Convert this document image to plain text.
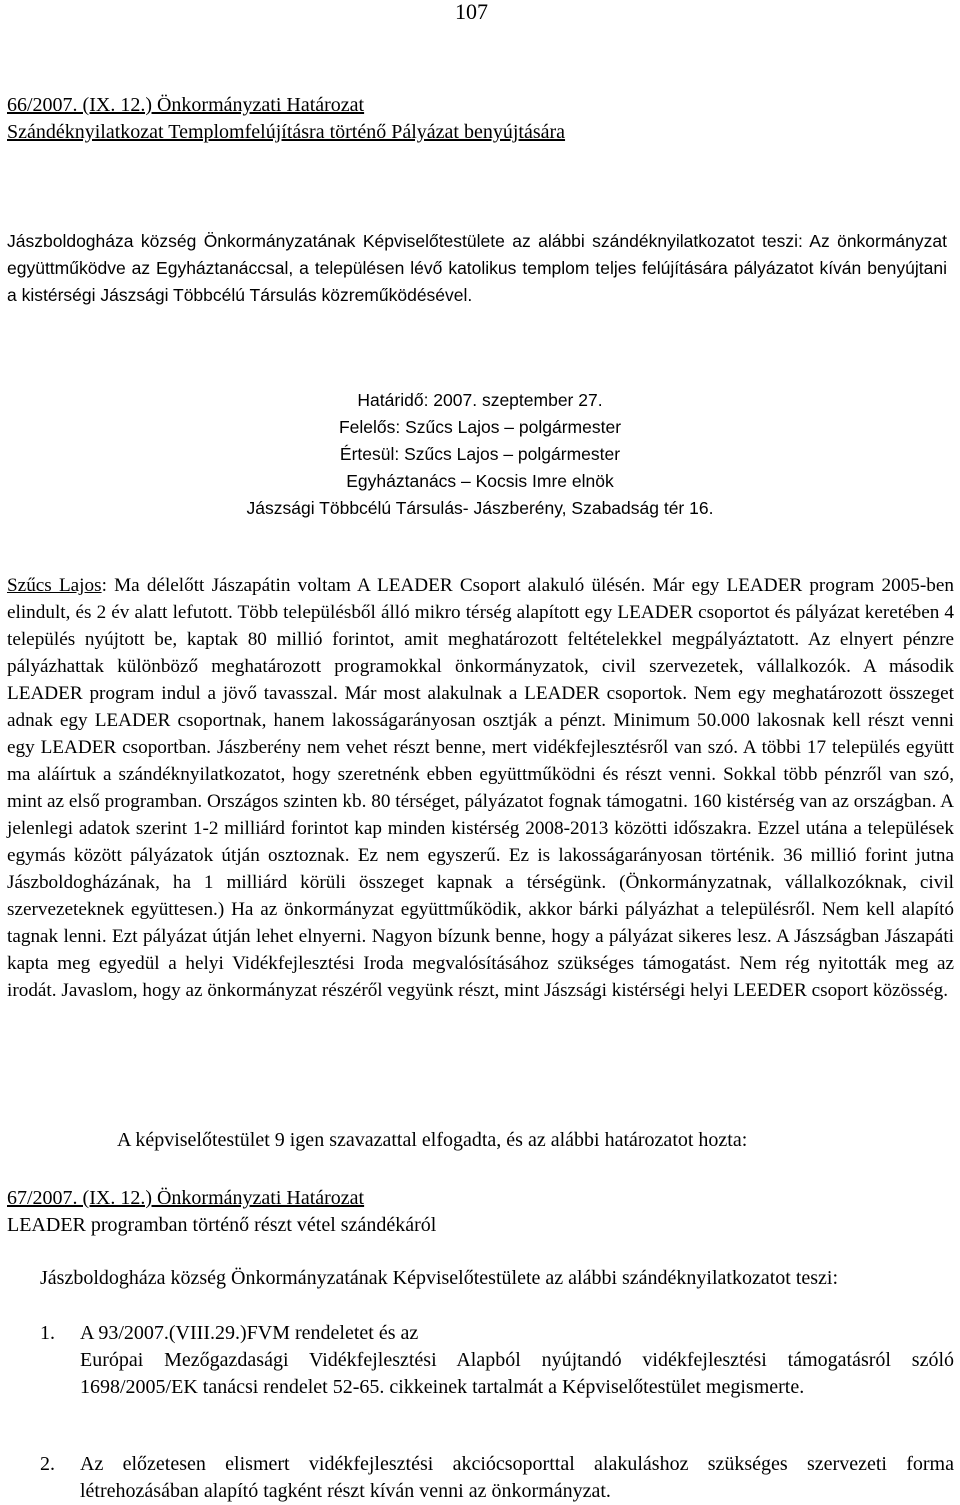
107
66/2007. (IX. 12.) Önkormányzati Határozat
Szándéknyilatkozat Templomfelújításra történő Pályázat benyújtására
Jászboldogháza község Önkormányzatának Képviselőtestülete az alábbi szándéknyilatkozatot teszi: Az önkormányzat együttműködve az Egyháztanáccsal, a településen lévő katolikus templom teljes felújítására pályázatot kíván benyújtani a kistérségi Jászsági Többcélú Társulás közreműködésével.
Határidő: 2007. szeptember 27.
Felelős: Szűcs Lajos – polgármester
Értesül: Szűcs Lajos – polgármester
Egyháztanács – Kocsis Imre elnök
Jászsági Többcélú Társulás- Jászberény, Szabadság tér 16.
Szűcs Lajos: Ma délelőtt Jászapátin voltam A LEADER Csoport alakuló ülésén. Már egy LEADER program 2005-ben elindult, és 2 év alatt lefutott. Több településből álló mikro térség alapított egy LEADER csoportot és pályázat keretében 4 település nyújtott be, kaptak 80 millió forintot, amit meghatározott feltételekkel megpályáztatott. Az elnyert pénzre pályázhattak különböző meghatározott programokkal önkormányzatok, civil szervezetek, vállalkozók. A második LEADER program indul a jövő tavasszal. Már most alakulnak a LEADER csoportok. Nem egy meghatározott összeget adnak egy LEADER csoportnak, hanem lakosságarányosan osztják a pénzt. Minimum 50.000 lakosnak kell részt venni egy LEADER csoportban. Jászberény nem vehet részt benne, mert vidékfejlesztésről van szó. A többi 17 település együtt ma aláírtuk a szándéknyilatkozatot, hogy szeretnénk ebben együttműködni és részt venni. Sokkal több pénzről van szó, mint az első programban. Országos szinten kb. 80 térséget, pályázatot fognak támogatni. 160 kistérség van az országban. A jelenlegi adatok szerint 1-2 milliárd forintot kap minden kistérség 2008-2013 közötti időszakra. Ezzel utána a települések egymás között pályázatok útján osztoznak. Ez nem egyszerű. Ez is lakosságarányosan történik. 36 millió forint jutna Jászboldogházának, ha 1 milliárd körüli összeget kapnak a térségünk. (Önkormányzatnak, vállalkozóknak, civil szervezeteknek együttesen.) Ha az önkormányzat együttműködik, akkor bárki pályázhat a településről. Nem kell alapító tagnak lenni. Ezt pályázat útján lehet elnyerni. Nagyon bízunk benne, hogy a pályázat sikeres lesz. A Jászságban Jászapáti kapta meg egyedül a helyi Vidékfejlesztési Iroda megvalósításához szükséges támogatást. Nem rég nyitották meg az irodát. Javaslom, hogy az önkormányzat részéről vegyünk részt, mint Jászsági kistérségi helyi LEEDER csoport közösség.
A képviselőtestület 9 igen szavazattal elfogadta, és az alábbi határozatot hozta:
67/2007. (IX. 12.) Önkormányzati Határozat
LEADER programban történő részt vétel szándékáról
Jászboldogháza község Önkormányzatának Képviselőtestülete az alábbi szándéknyilatkozatot teszi:
1. A 93/2007.(VIII.29.)FVM rendeletet és az
Európai Mezőgazdasági Vidékfejlesztési Alapból nyújtandó vidékfejlesztési támogatásról szóló 1698/2005/EK tanácsi rendelet 52-65. cikkeinek tartalmát a Képviselőtestület megismerte.
2. Az előzetesen elismert vidékfejlesztési akciócsoporttal alakuláshoz szükséges szervezeti forma létrehozásában alapító tagként részt kíván venni az önkormányzat.
